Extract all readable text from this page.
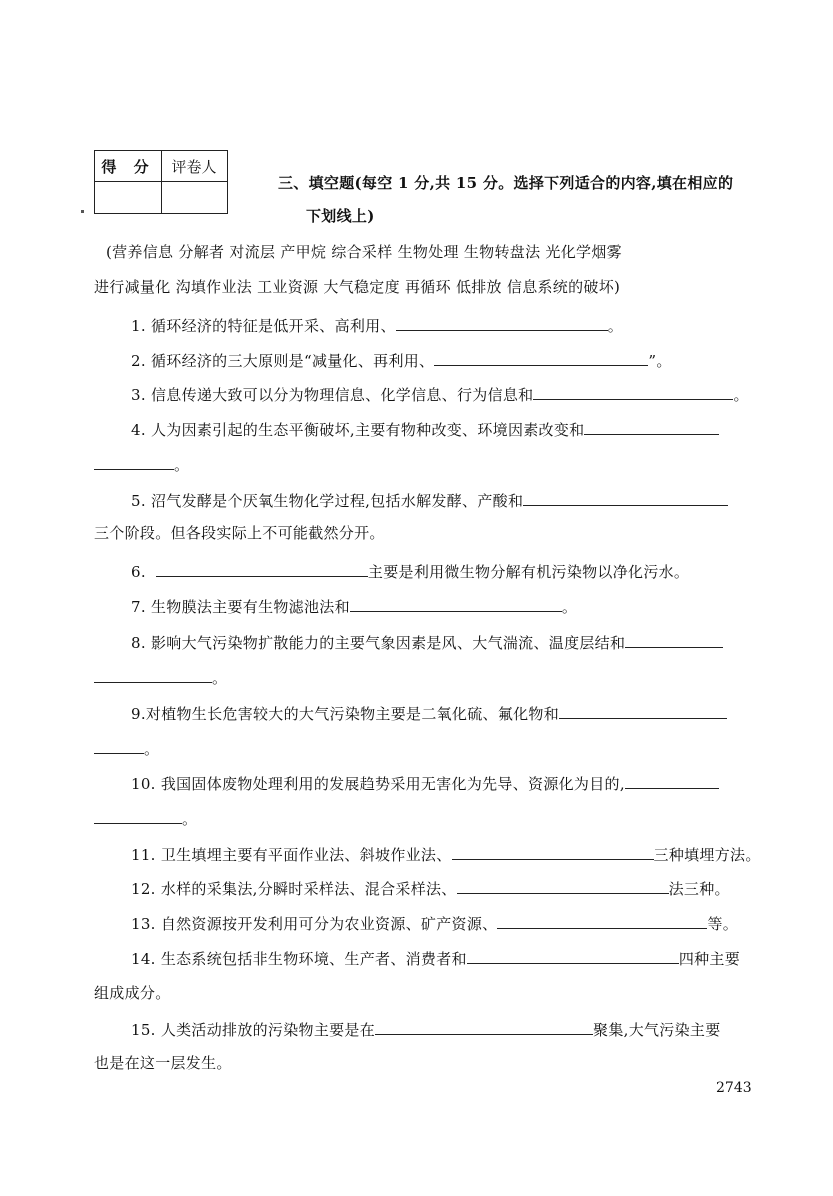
得 分	评卷人
三、填空题(每空 1 分,共 15 分。选择下列适合的内容,填在相应的
下划线上)
(营养信息 分解者 对流层 产甲烷 综合采样 生物处理 生物转盘法 光化学烟雾
进行减量化 沟填作业法 工业资源 大气稳定度 再循环 低排放 信息系统的破坏)
1. 循环经济的特征是低开采、高利用、	。
2. 循环经济的三大原则是“减量化、再利用、	”。
3. 信息传递大致可以分为物理信息、化学信息、行为信息和	。
4. 人为因素引起的生态平衡破坏,主要有物种改变、环境因素改变和
。
5. 沼气发酵是个厌氧生物化学过程,包括水解发酵、产酸和
三个阶段。但各段实际上不可能截然分开。
6.	主要是利用微生物分解有机污染物以净化污水。
7. 生物膜法主要有生物滤池法和	。
8. 影响大气污染物扩散能力的主要气象因素是风、大气湍流、温度层结和
。
9.对植物生长危害较大的大气污染物主要是二氧化硫、氟化物和
。
10. 我国固体废物处理利用的发展趋势采用无害化为先导、资源化为目的,
。
11. 卫生填埋主要有平面作业法、斜坡作业法、	三种填埋方法。
12. 水样的采集法,分瞬时采样法、混合采样法、	法三种。
13. 自然资源按开发利用可分为农业资源、矿产资源、	等。
14. 生态系统包括非生物环境、生产者、消费者和	四种主要
组成成分。
15. 人类活动排放的污染物主要是在	聚集,大气污染主要
也是在这一层发生。
2743
